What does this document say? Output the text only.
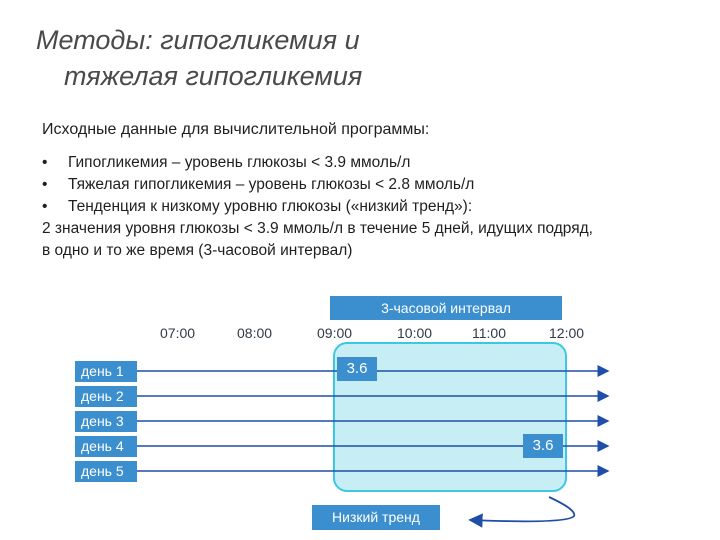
Методы: гипогликемия и
тяжелая гипогликемия
Исходные данные для вычислительной программы:
• Гипогликемия – уровень глюкозы < 3.9 ммоль/л
• Тяжелая гипогликемия – уровень глюкозы < 2.8 ммоль/л
• Тенденция к низкому уровню глюкозы («низкий тренд»):
2 значения уровня глюкозы < 3.9 ммоль/л в течение 5 дней, идущих подряд,
в одно и то же время (3-часовой интервал)
3-часовой интервал
07:00	08:00	09:00	10:00	11:00	12:00
день 1
день 2
день 3
день 4
день 5
3.6
3.6
Низкий тренд
